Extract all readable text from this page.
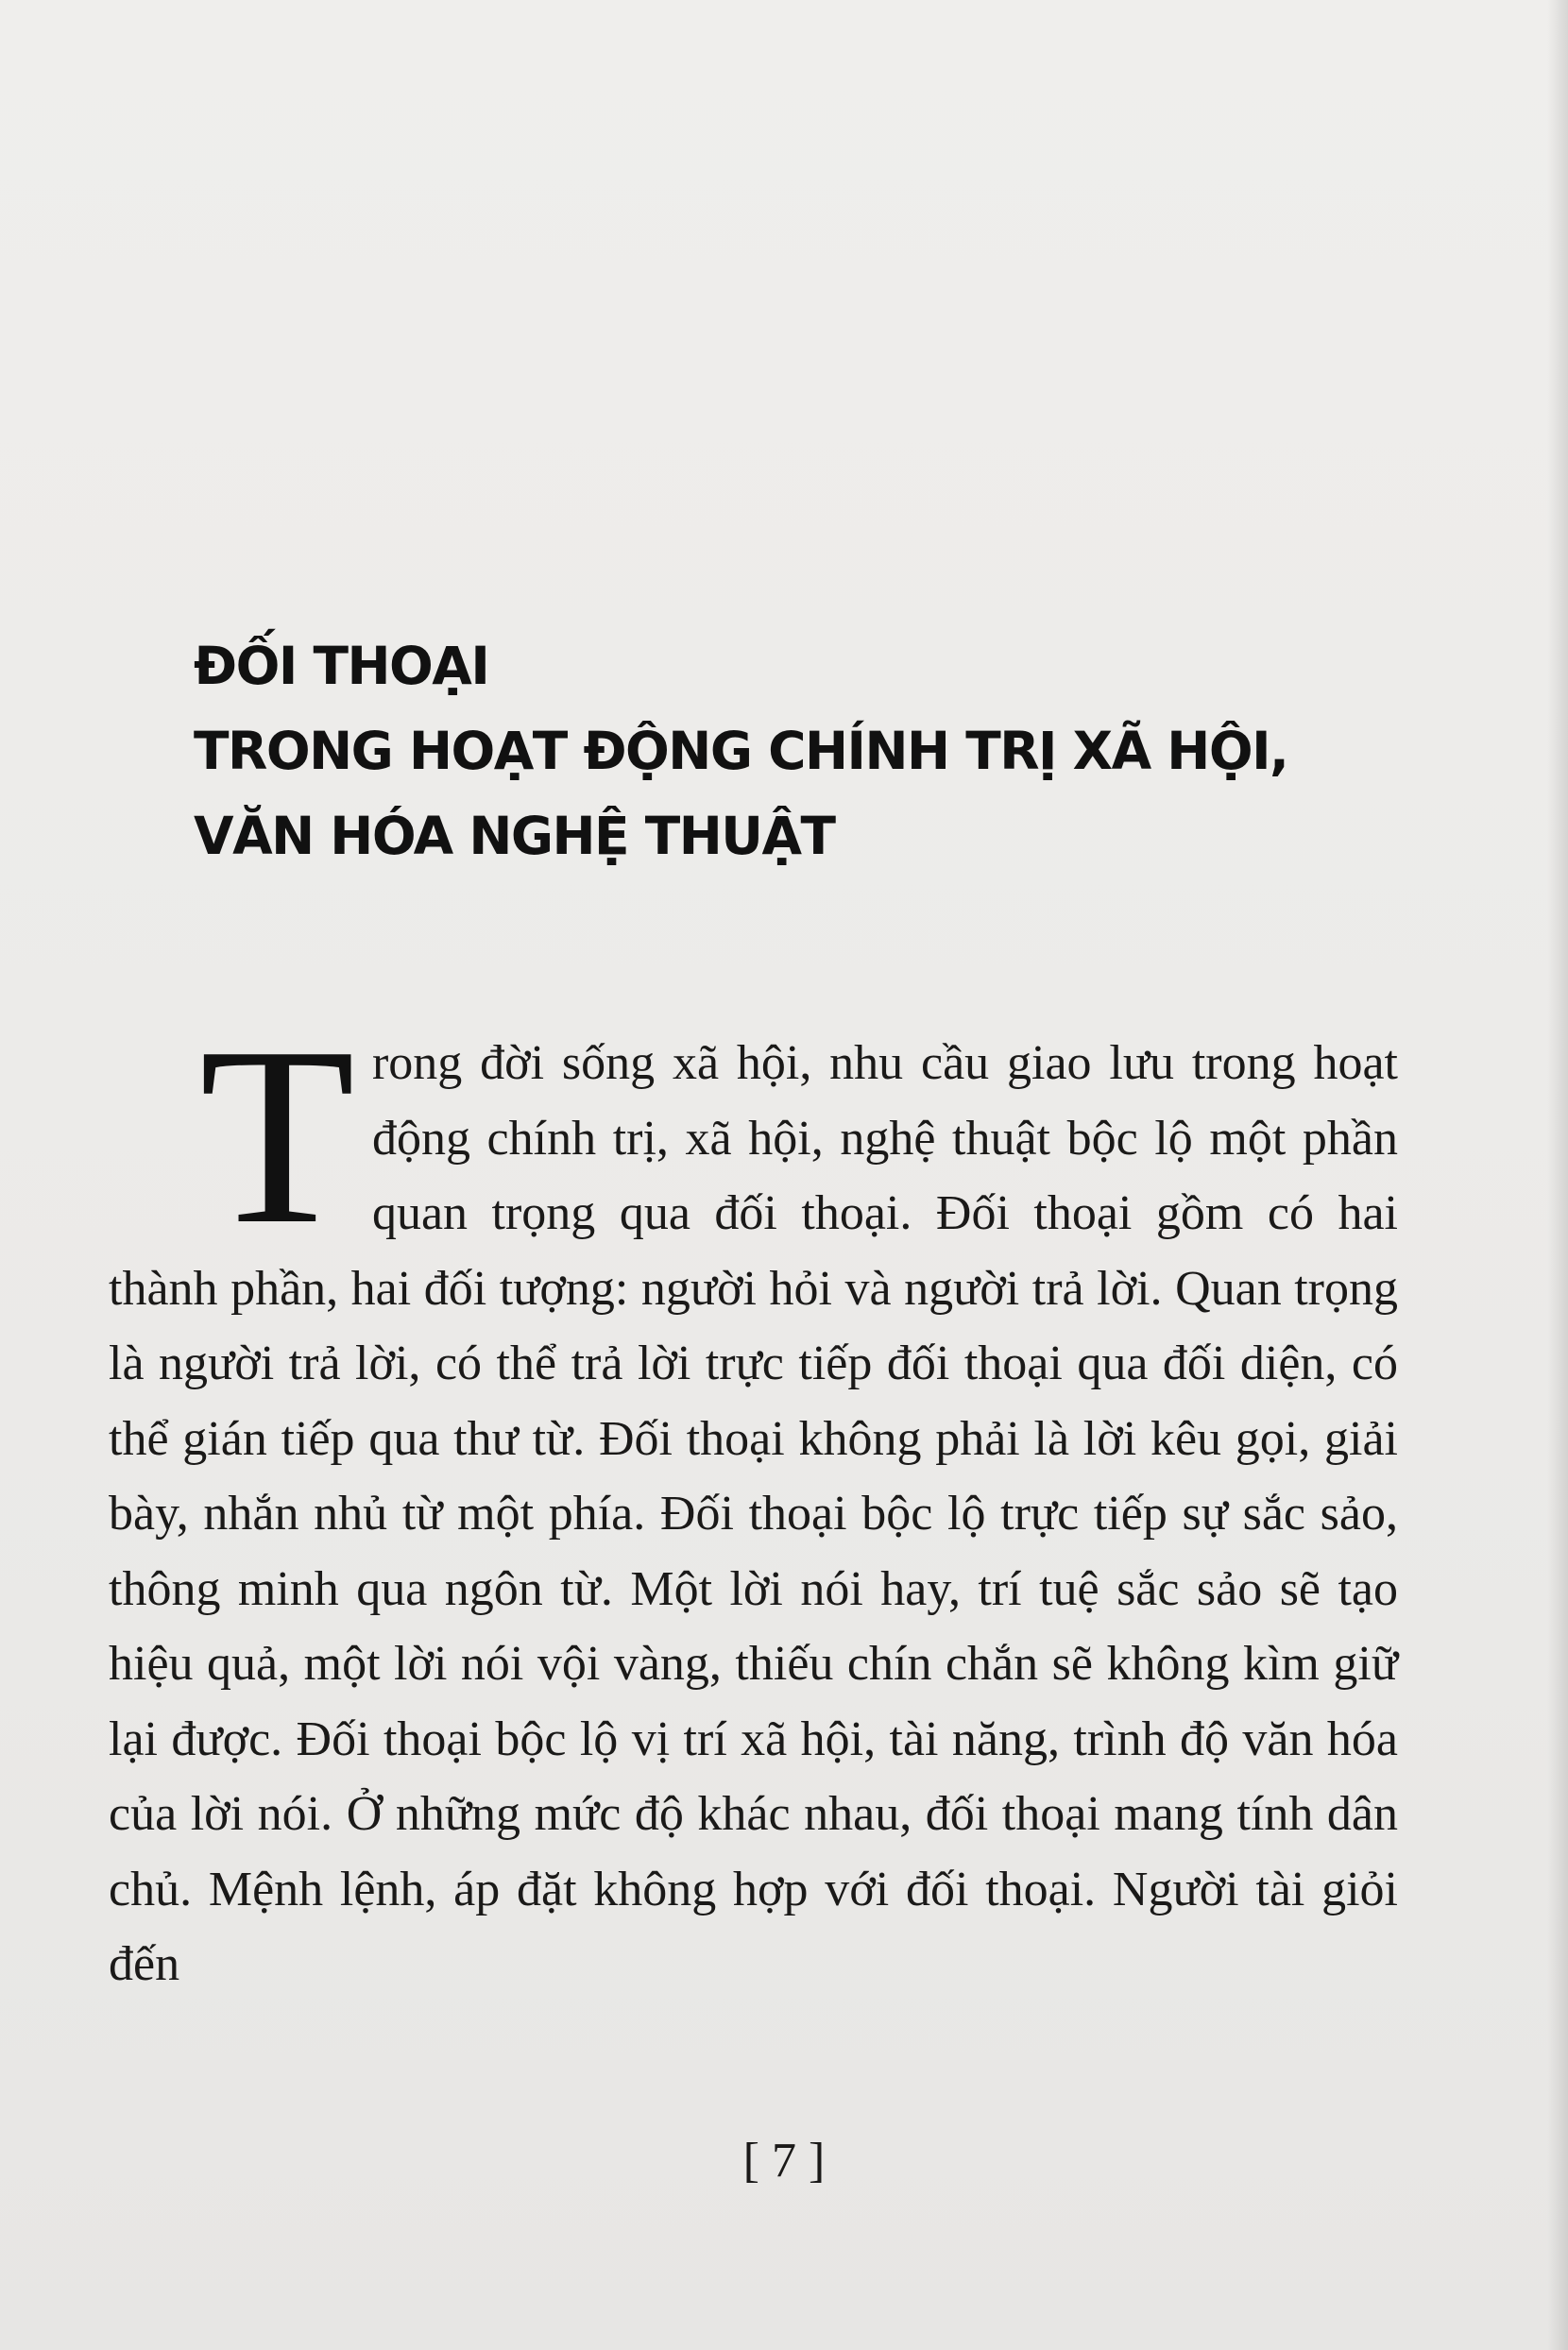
ĐỐI THOẠI
TRONG HOẠT ĐỘNG CHÍNH TRỊ XÃ HỘI,
VĂN HÓA NGHỆ THUẬT
T rong đời sống xã hội, nhu cầu giao lưu trong hoạt động chính trị, xã hội, nghệ thuật bộc lộ một phần quan trọng qua đối thoại. Đối thoại gồm có hai thành phần, hai đối tượng: người hỏi và người trả lời. Quan trọng là người trả lời, có thể trả lời trực tiếp đối thoại qua đối diện, có thể gián tiếp qua thư từ. Đối thoại không phải là lời kêu gọi, giải bày, nhắn nhủ từ một phía. Đối thoại bộc lộ trực tiếp sự sắc sảo, thông minh qua ngôn từ. Một lời nói hay, trí tuệ sắc sảo sẽ tạo hiệu quả, một lời nói vội vàng, thiếu chín chắn sẽ không kìm giữ lại được. Đối thoại bộc lộ vị trí xã hội, tài năng, trình độ văn hóa của lời nói. Ở những mức độ khác nhau, đối thoại mang tính dân chủ. Mệnh lệnh, áp đặt không hợp với đối thoại. Người tài giỏi đến
[ 7 ]
